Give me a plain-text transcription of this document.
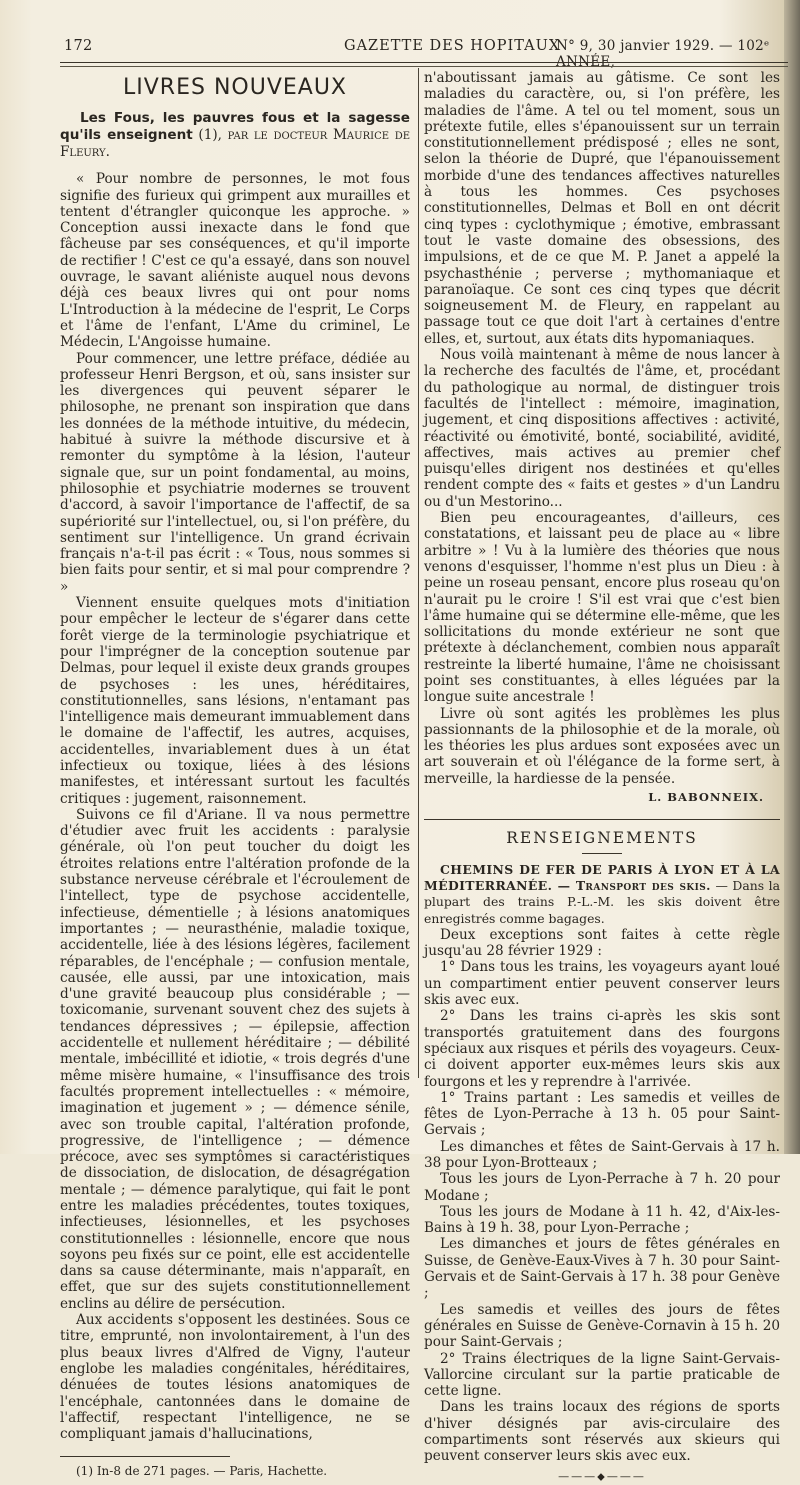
172	GAZETTE DES HOPITAUX
N° 9, 30 janvier 1929. — 102ᵉ ANNÉE,
LIVRES NOUVEAUX
Les Fous, les pauvres fous et la sagesse qu'ils enseignent (1), par le docteur Maurice de Fleury.

« Pour nombre de personnes, le mot fous signifie des furieux qui grimpent aux murailles et tentent d'étrangler quiconque les approche. » Conception aussi inexacte dans le fond que fâcheuse par ses conséquences, et qu'il importe de rectifier ! C'est ce qu'a essayé, dans son nouvel ouvrage, le savant aliéniste auquel nous devons déjà ces beaux livres qui ont pour noms L'Introduction à la médecine de l'esprit, Le Corps et l'âme de l'enfant, L'Ame du criminel, Le Médecin, L'Angoisse humaine.

Pour commencer, une lettre préface, dédiée au professeur Henri Bergson, et où, sans insister sur les divergences qui peuvent séparer le philosophe, ne prenant son inspiration que dans les données de la méthode intuitive, du médecin, habitué à suivre la méthode discursive et à remonter du symptôme à la lésion, l'auteur signale que, sur un point fondamental, au moins, philosophie et psychiatrie modernes se trouvent d'accord, à savoir l'importance de l'affectif, de sa supériorité sur l'intellectuel, ou, si l'on préfère, du sentiment sur l'intelligence. Un grand écrivain français n'a-t-il pas écrit : « Tous, nous sommes si bien faits pour sentir, et si mal pour comprendre ? »

Viennent ensuite quelques mots d'initiation pour empêcher le lecteur de s'égarer dans cette forêt vierge de la terminologie psychiatrique et pour l'imprégner de la conception soutenue par Delmas, pour lequel il existe deux grands groupes de psychoses : les unes, héréditaires, constitutionnelles, sans lésions, n'entamant pas l'intelligence mais demeurant immuablement dans le domaine de l'affectif, les autres, acquises, accidentelles, invariablement dues à un état infectieux ou toxique, liées à des lésions manifestes, et intéressant surtout les facultés critiques : jugement, raisonnement.

Suivons ce fil d'Ariane. Il va nous permettre d'étudier avec fruit les accidents : paralysie générale, où l'on peut toucher du doigt les étroites relations entre l'altération profonde de la substance nerveuse cérébrale et l'écroulement de l'intellect, type de psychose accidentelle, infectieuse, démentielle ; à lésions anatomiques importantes ; — neurasthénie, maladie toxique, accidentelle, liée à des lésions légères, facilement réparables, de l'encéphale ; — confusion mentale, causée, elle aussi, par une intoxication, mais d'une gravité beaucoup plus considérable ; — toxicomanie, survenant souvent chez des sujets à tendances dépressives ; — épilepsie, affection accidentelle et nullement héréditaire ; — débilité mentale, imbécillité et idiotie, « trois degrés d'une même misère humaine, « l'insuffisance des trois facultés proprement intellectuelles : « mémoire, imagination et jugement » ; — démence sénile, avec son trouble capital, l'altération profonde, progressive, de l'intelligence ; — démence précoce, avec ses symptômes si caractéristiques de dissociation, de dislocation, de désagrégation mentale ; — démence paralytique, qui fait le pont entre les maladies précédentes, toutes toxiques, infectieuses, lésionnelles, et les psychoses constitutionnelles : lésionnelle, encore que nous soyons peu fixés sur ce point, elle est accidentelle dans sa cause déterminante, mais n'apparaît, en effet, que sur des sujets constitutionnellement enclins au délire de persécution.

Aux accidents s'opposent les destinées. Sous ce titre, emprunté, non involontairement, à l'un des plus beaux livres d'Alfred de Vigny, l'auteur englobe les maladies congénitales, héréditaires, dénuées de toutes lésions anatomiques de l'encéphale, cantonnées dans le domaine de l'affectif, respectant l'intelligence, ne se compliquant jamais d'hallucinations,

(1) In-8 de 271 pages. — Paris, Hachette.

n'aboutissant jamais au gâtisme. Ce sont les maladies du caractère, ou, si l'on préfère, les maladies de l'âme. A tel ou tel moment, sous un prétexte futile, elles s'épanouissent sur un terrain constitutionnellement prédisposé ; elles ne sont, selon la théorie de Dupré, que l'épanouissement morbide d'une des tendances affectives naturelles à tous les hommes. Ces psychoses constitutionnelles, Delmas et Boll en ont décrit cinq types : cyclothymique ; émotive, embrassant tout le vaste domaine des obsessions, des impulsions, et de ce que M. P. Janet a appelé la psychasthénie ; perverse ; mythomaniaque et paranoïaque. Ce sont ces cinq types que décrit soigneusement M. de Fleury, en rappelant au passage tout ce que doit l'art à certaines d'entre elles, et, surtout, aux états dits hypomaniaques.

Nous voilà maintenant à même de nous lancer à la recherche des facultés de l'âme, et, procédant du pathologique au normal, de distinguer trois facultés de l'intellect : mémoire, imagination, jugement, et cinq dispositions affectives : activité, réactivité ou émotivité, bonté, sociabilité, avidité, affectives, mais actives au premier chef puisqu'elles dirigent nos destinées et qu'elles rendent compte des « faits et gestes » d'un Landru ou d'un Mestorino...

Bien peu encourageantes, d'ailleurs, ces constatations, et laissant peu de place au « libre arbitre » ! Vu à la lumière des théories que nous venons d'esquisser, l'homme n'est plus un Dieu : à peine un roseau pensant, encore plus roseau qu'on n'aurait pu le croire ! S'il est vrai que c'est bien l'âme humaine qui se détermine elle-même, que les sollicitations du monde extérieur ne sont que prétexte à déclanchement, combien nous apparaît restreinte la liberté humaine, l'âme ne choisissant point ses constituantes, à elles léguées par la longue suite ancestrale !

Livre où sont agités les problèmes les plus passionnants de la philosophie et de la morale, où les théories les plus ardues sont exposées avec un art souverain et où l'élégance de la forme sert, à merveille, la hardiesse de la pensée.

L. BABONNEIX.
RENSEIGNEMENTS

CHEMINS DE FER DE PARIS À LYON ET À LA MÉDITERRANÉE. — Transport des skis. — Dans la plupart des trains P.-L.-M. les skis doivent être enregistrés comme bagages.

Deux exceptions sont faites à cette règle jusqu'au 28 février 1929 :

1° Dans tous les trains, les voyageurs ayant loué un compartiment entier peuvent conserver leurs skis avec eux.

2° Dans les trains ci-après les skis sont transportés gratuitement dans des fourgons spéciaux aux risques et périls des voyageurs. Ceux-ci doivent apporter eux-mêmes leurs skis aux fourgons et les y reprendre à l'arrivée.

1° Trains partant : Les samedis et veilles de fêtes de Lyon-Perrache à 13 h. 05 pour Saint-Gervais ;

Les dimanches et fêtes de Saint-Gervais à 17 h. 38 pour Lyon-Brotteaux ;

Tous les jours de Lyon-Perrache à 7 h. 20 pour Modane ;

Tous les jours de Modane à 11 h. 42, d'Aix-les-Bains à 19 h. 38, pour Lyon-Perrache ;

Les dimanches et jours de fêtes générales en Suisse, de Genève-Eaux-Vives à 7 h. 30 pour Saint-Gervais et de Saint-Gervais à 17 h. 38 pour Genève ;

Les samedis et veilles des jours de fêtes générales en Suisse de Genève-Cornavin à 15 h. 20 pour Saint-Gervais ;

2° Trains électriques de la ligne Saint-Gervais-Vallorcine circulant sur la partie praticable de cette ligne.

Dans les trains locaux des régions de sports d'hiver désignés par avis-circulaire des compartiments sont réservés aux skieurs qui peuvent conserver leurs skis avec eux.

———⬥———
